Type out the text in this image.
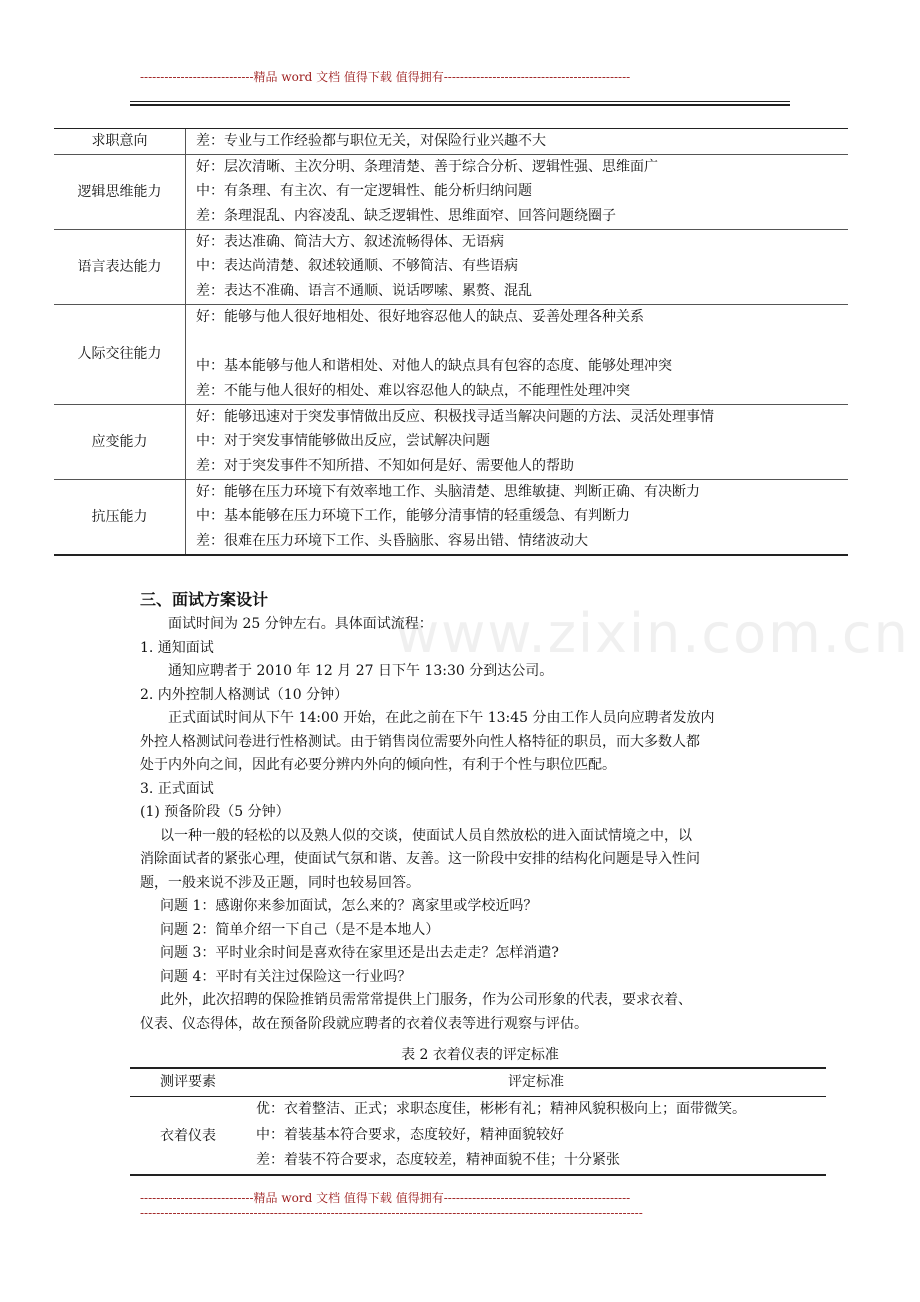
----------------------------精品 word 文档 值得下载 值得拥有----------------------------------------------
求职意向	差：专业与工作经验都与职位无关，对保险行业兴趣不大
逻辑思维能力
好：层次清晰、主次分明、条理清楚、善于综合分析、逻辑性强、思维面广
中：有条理、有主次、有一定逻辑性、能分析归纳问题
差：条理混乱、内容凌乱、缺乏逻辑性、思维面窄、回答问题绕圈子
语言表达能力
好：表达准确、简洁大方、叙述流畅得体、无语病
中：表达尚清楚、叙述较通顺、不够简洁、有些语病
差：表达不准确、语言不通顺、说话啰嗦、累赘、混乱
人际交往能力
好：能够与他人很好地相处、很好地容忍他人的缺点、妥善处理各种关系
中：基本能够与他人和谐相处、对他人的缺点具有包容的态度、能够处理冲突
差：不能与他人很好的相处、难以容忍他人的缺点，不能理性处理冲突
应变能力
好：能够迅速对于突发事情做出反应、积极找寻适当解决问题的方法、灵活处理事情
中：对于突发事情能够做出反应，尝试解决问题
差：对于突发事件不知所措、不知如何是好、需要他人的帮助
抗压能力
好：能够在压力环境下有效率地工作、头脑清楚、思维敏捷、判断正确、有决断力
中：基本能够在压力环境下工作，能够分清事情的轻重缓急、有判断力
差：很难在压力环境下工作、头昏脑胀、容易出错、情绪波动大
www.zixin.com.cn
三、面试方案设计
面试时间为 25 分钟左右。具体面试流程：
1. 通知面试
通知应聘者于 2010 年 12 月 27 日下午 13:30 分到达公司。
2. 内外控制人格测试（10 分钟）
正式面试时间从下午 14:00 开始，在此之前在下午 13:45 分由工作人员向应聘者发放内
外控人格测试问卷进行性格测试。由于销售岗位需要外向性人格特征的职员，而大多数人都
处于内外向之间，因此有必要分辨内外向的倾向性，有利于个性与职位匹配。
3. 正式面试
(1) 预备阶段（5 分钟）
以一种一般的轻松的以及熟人似的交谈，使面试人员自然放松的进入面试情境之中，以
消除面试者的紧张心理，使面试气氛和谐、友善。这一阶段中安排的结构化问题是导入性问
题，一般来说不涉及正题，同时也较易回答。
问题 1：感谢你来参加面试，怎么来的？离家里或学校近吗？
问题 2：简单介绍一下自己（是不是本地人）
问题 3：平时业余时间是喜欢待在家里还是出去走走？怎样消遣?
问题 4：平时有关注过保险这一行业吗？
此外，此次招聘的保险推销员需常常提供上门服务，作为公司形象的代表，要求衣着、
仪表、仪态得体，故在预备阶段就应聘者的衣着仪表等进行观察与评估。
表 2 衣着仪表的评定标准
测评要素	评定标准
衣着仪表
优：衣着整洁、正式；求职态度佳，彬彬有礼；精神风貌积极向上；面带微笑。
中：着装基本符合要求，态度较好，精神面貌较好
差：着装不符合要求，态度较差，精神面貌不佳；十分紧张
----------------------------精品 word 文档 值得下载 值得拥有----------------------------------------------
----------------------------------------------------------------------------------------------------------------------------
